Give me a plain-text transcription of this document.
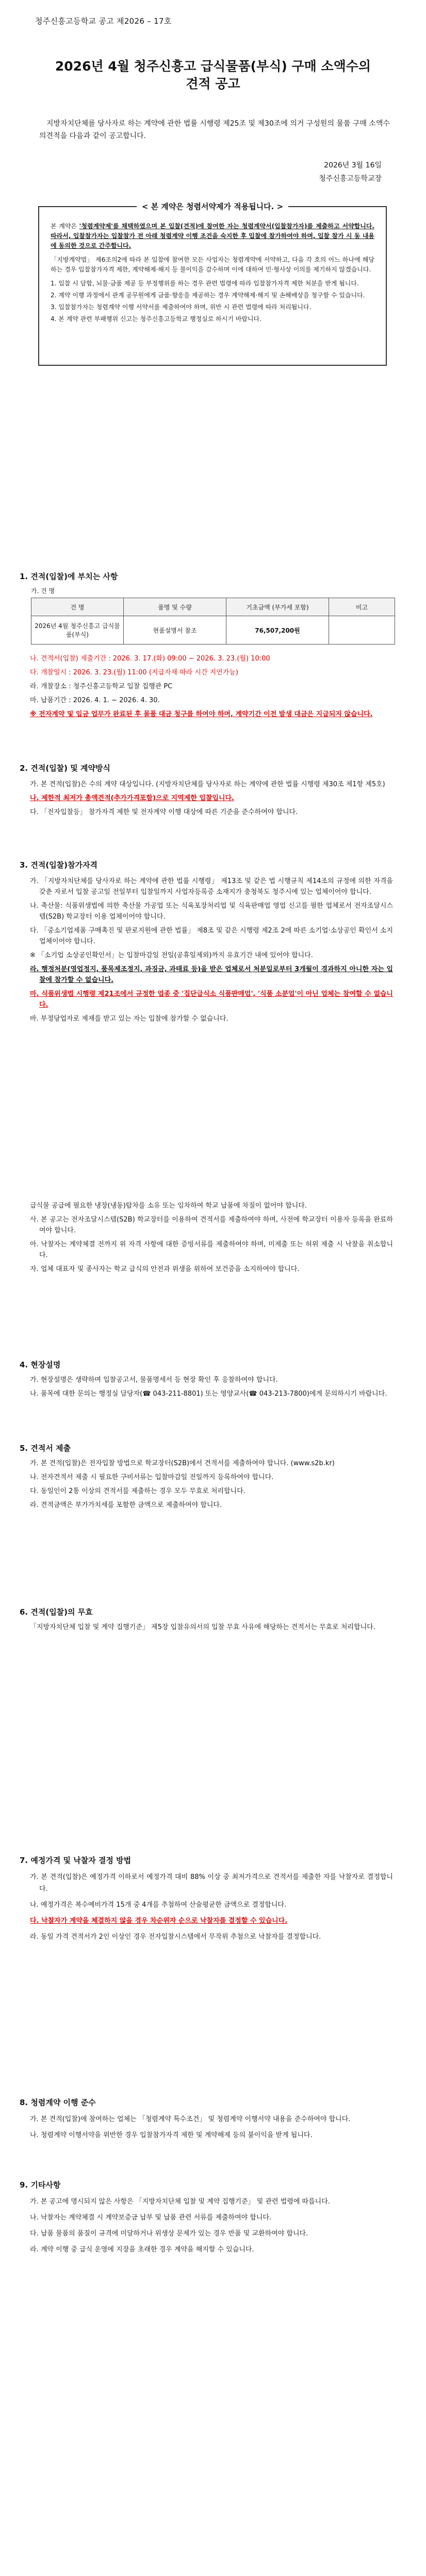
청주신흥고등학교 공고 제2026 – 17호
2026년 4월 청주신흥고 급식물품(부식) 구매 소액수의
견적 공고
지방자치단체를 당사자로 하는 계약에 관한 법률 시행령 제25조 및 제30조에 의거 구성원의 물품 구매 소액수의견적을 다음과 같이 공고합니다.
2026년 3월 16일
청주신흥고등학교장
< 본 계약은 청렴서약제가 적용됩니다. >

본 계약은 '청렴계약제'를 채택하였으며 본 입찰(견적)에 참여한 자는 청렴계약서(입찰참가자)를 제출하고 서약합니다. 따라서, 입찰참가자는 입찰참가 전 아래 청렴계약 이행 조건을 숙지한 후 입찰에 참가하여야 하며, 입찰 참가 시 동 내용에 동의한 것으로 간주합니다.

「지방계약법」 제6조의2에 따라 본 입찰에 참여한 모든 사업자는 청렴계약에 서약하고, 다음 각 호의 어느 하나에 해당하는 경우 입찰참가자격 제한, 계약해제·해지 등 불이익을 감수하며 이에 대하여 민·형사상 이의를 제기하지 않겠습니다.

1. 입찰 시 담합, 뇌물·금품 제공 등 부정행위를 하는 경우 관련 법령에 따라 입찰참가자격 제한 처분을 받게 됩니다.

2. 계약 이행 과정에서 관계 공무원에게 금품·향응을 제공하는 경우 계약해제·해지 및 손해배상을 청구할 수 있습니다.

3. 입찰참가자는 청렴계약 이행 서약서를 제출하여야 하며, 위반 시 관련 법령에 따라 처리됩니다.

4. 본 계약 관련 부패행위 신고는 청주신흥고등학교 행정실로 하시기 바랍니다.

1. 견적(입찰)에 부치는 사항
가. 건 명
건 명	품명 및 수량	기초금액 (부가세 포함)	비고
2026년 4월 청주신흥고 급식물품(부식)	현품설명서 참조	76,507,200원	

나. 견적서(입찰) 제출기간 : 2026. 3. 17.(화) 09:00 ~ 2026. 3. 23.(월) 10:00

다. 개찰일시 : 2026. 3. 23.(월) 11:00 (지급자재 따라 시간 지연가능)

라. 개찰장소 : 청주신흥고등학교 입찰 집행관 PC

마. 납품기간 : 2026. 4. 1. ~ 2026. 4. 30.

※ 전자계약 및 입금 업무가 완료된 후 물품 대금 청구를 하여야 하며, 계약기간 이전 발생 대금은 지급되지 않습니다.

2. 견적(입찰) 및 계약방식

가. 본 견적(입찰)은 수의 계약 대상입니다. (지방자치단체를 당사자로 하는 계약에 관한 법률 시행령 제30조 제1항 제5호)

나. 제한적 최저가 총액견적(추가가격포함)으로 지역제한 입찰입니다.

다. 「전자입찰등」 참가자격 제한 및 전자계약 이행 대상에 따른 기준을 준수하여야 합니다.

3. 견적(입찰)참가자격

가. 「지방자치단체를 당사자로 하는 계약에 관한 법률 시행령」 제13조 및 같은 법 시행규칙 제14조의 규정에 의한 자격을 갖춘 자로서 입찰 공고일 전일부터 입찰일까지 사업자등록증 소재지가 충청북도 청주시에 있는 업체이어야 합니다.

나. 축산물: 식품위생법에 의한 축산물 가공업 또는 식육포장처리업 및 식육판매업 영업 신고를 필한 업체로서 전자조달시스템(S2B) 학교장터 이용 업체이어야 합니다.

다. 「중소기업제품 구매촉진 및 판로지원에 관한 법률」 제8조 및 같은 시행령 제2조 2에 따른 소기업·소상공인 확인서 소지 업체이어야 합니다.

※ 「소기업 소상공인확인서」는 입찰마감일 전일(공휴일제외)까지 유효기간 내에 있어야 합니다.

라. 행정처분(영업정지, 품목제조정지, 과징금, 과태료 등)을 받은 업체로서 처분일로부터 3개월이 경과하지 아니한 자는 입찰에 참가할 수 없습니다.

마. 식품위생법 시행령 제21조에서 규정한 업종 중 '집단급식소 식품판매업', '식품 소분업'이 아닌 업체는 참여할 수 없습니다.

바. 부정당업자로 제재를 받고 있는 자는 입찰에 참가할 수 없습니다.

급식물 공급에 필요한 냉장(냉동)탑차를 소유 또는 임차하여 학교 납품에 차질이 없어야 합니다.

사. 본 공고는 전자조달시스템(S2B) 학교장터를 이용하여 견적서를 제출하여야 하며, 사전에 학교장터 이용자 등록을 완료하여야 합니다.

아. 낙찰자는 계약체결 전까지 위 자격 사항에 대한 증빙서류를 제출하여야 하며, 미제출 또는 허위 제출 시 낙찰을 취소합니다.

자. 업체 대표자 및 종사자는 학교 급식의 안전과 위생을 위하여 보건증을 소지하여야 합니다.

4. 현장설명

가. 현장설명은 생략하며 입찰공고서, 물품명세서 등 현장 확인 후 응찰하여야 합니다.

나. 품목에 대한 문의는 행정실 담당자(☎ 043-211-8801) 또는 영양교사(☎ 043-213-7800)에게 문의하시기 바랍니다.

5. 견적서 제출

가. 본 견적(입찰)은 전자입찰 방법으로 학교장터(S2B)에서 견적서를 제출하여야 합니다. (www.s2b.kr)

나. 전자견적서 제출 시 필요한 구비서류는 입찰마감일 전일까지 등록하여야 합니다.

다. 동일인이 2통 이상의 견적서를 제출하는 경우 모두 무효로 처리합니다.

라. 견적금액은 부가가치세를 포함한 금액으로 제출하여야 합니다.

6. 견적(입찰)의 무효

「지방자치단체 입찰 및 계약 집행기준」 제5장 입찰유의서의 입찰 무효 사유에 해당하는 견적서는 무효로 처리합니다.

7. 예정가격 및 낙찰자 결정 방법

가. 본 견적(입찰)은 예정가격 이하로서 예정가격 대비 88% 이상 중 최저가격으로 견적서를 제출한 자를 낙찰자로 결정합니다.

나. 예정가격은 복수예비가격 15개 중 4개를 추첨하여 산술평균한 금액으로 결정합니다.

다. 낙찰자가 계약을 체결하지 않을 경우 차순위자 순으로 낙찰자를 결정할 수 있습니다.

라. 동일 가격 견적서가 2인 이상인 경우 전자입찰시스템에서 무작위 추첨으로 낙찰자를 결정합니다.

8. 청렴계약 이행 준수

가. 본 견적(입찰)에 참여하는 업체는 「청렴계약 특수조건」 및 청렴계약 이행서약 내용을 준수하여야 합니다.

나. 청렴계약 이행서약을 위반한 경우 입찰참가자격 제한 및 계약해제 등의 불이익을 받게 됩니다.

9. 기타사항

가. 본 공고에 명시되지 않은 사항은 「지방자치단체 입찰 및 계약 집행기준」 및 관련 법령에 따릅니다.

나. 낙찰자는 계약체결 시 계약보증금 납부 및 납품 관련 서류를 제출하여야 합니다.

다. 납품 물품의 품질이 규격에 미달하거나 위생상 문제가 있는 경우 반품 및 교환하여야 합니다.

라. 계약 이행 중 급식 운영에 지장을 초래한 경우 계약을 해지할 수 있습니다.
